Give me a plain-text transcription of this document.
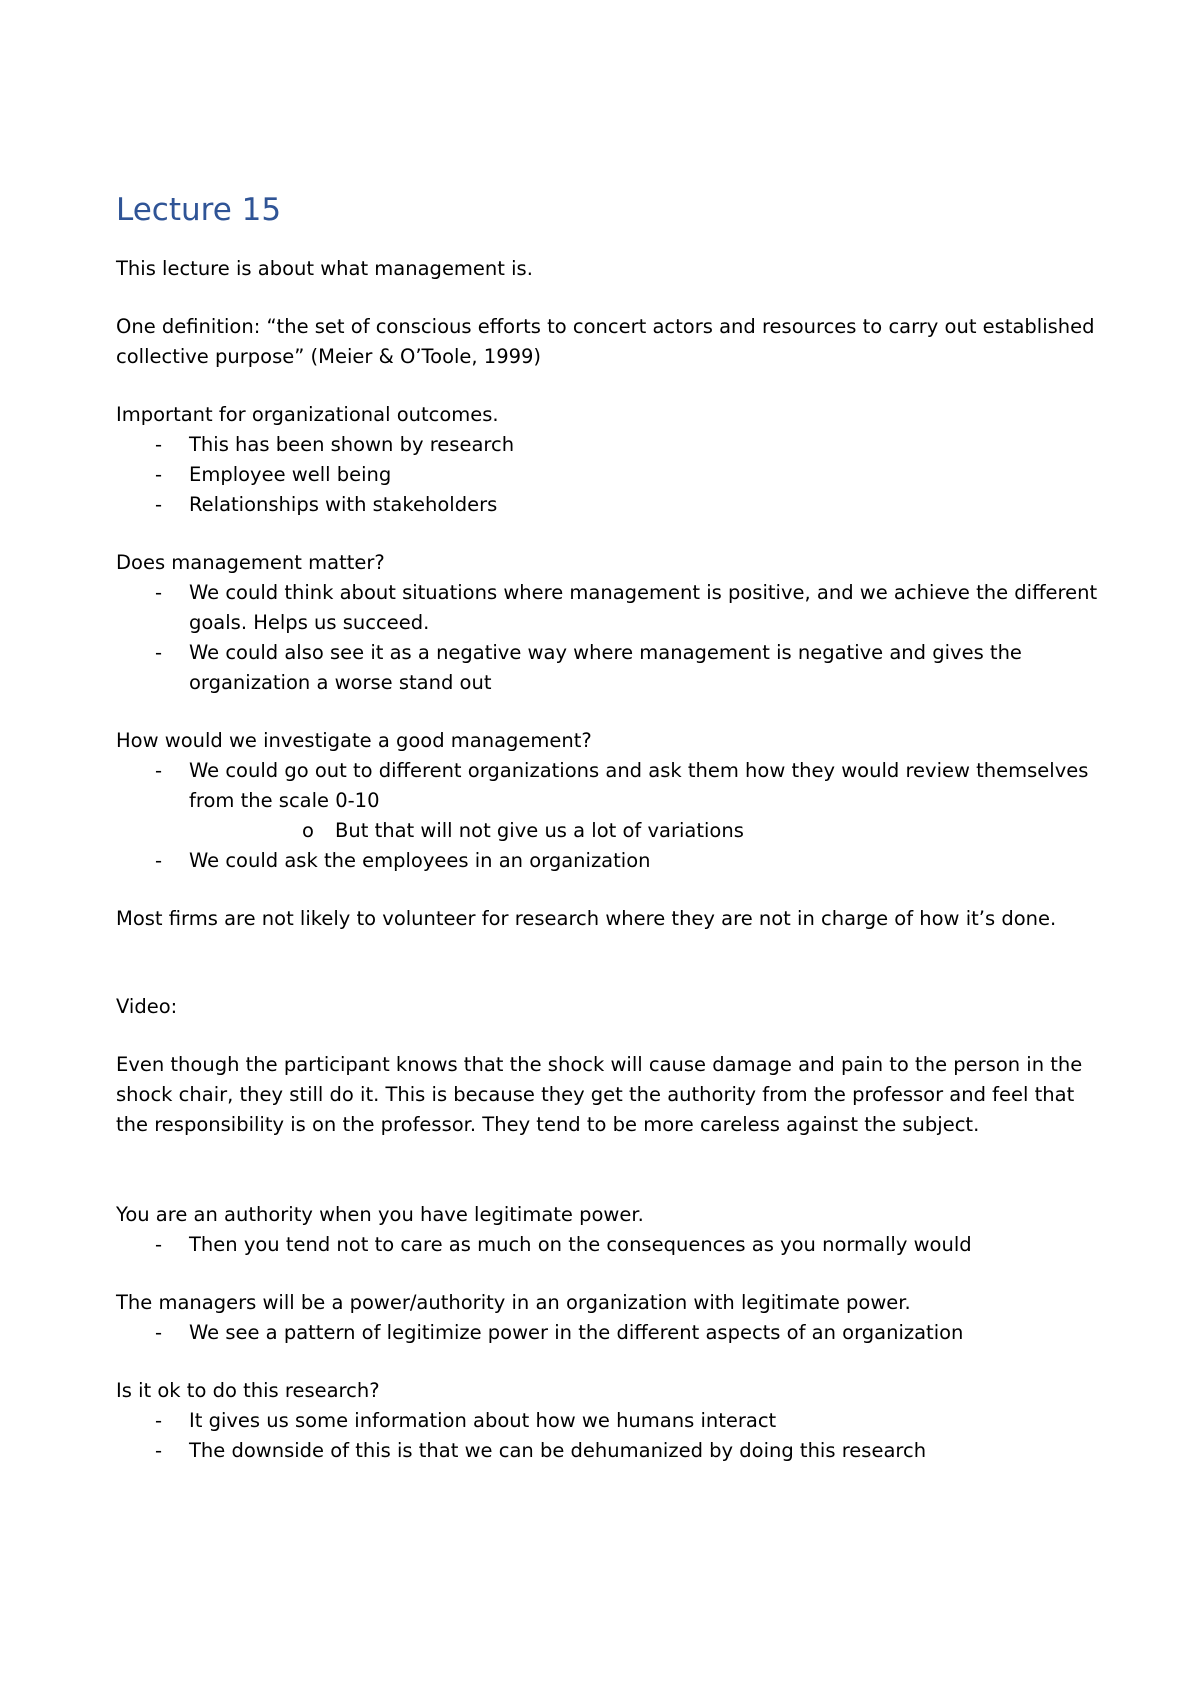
Lecture 15

This lecture is about what management is.

One definition: “the set of conscious efforts to concert actors and resources to carry out established collective purpose” (Meier & O’Toole, 1999)

Important for organizational outcomes.

- This has been shown by research
- Employee well being
- Relationships with stakeholders

Does management matter?

- We could think about situations where management is positive, and we achieve the different goals. Helps us succeed.
- We could also see it as a negative way where management is negative and gives the organization a worse stand out

How would we investigate a good management?

- We could go out to different organizations and ask them how they would review themselves from the scale 0-10
o But that will not give us a lot of variations
- We could ask the employees in an organization

Most firms are not likely to volunteer for research where they are not in charge of how it’s done.

Video:

Even though the participant knows that the shock will cause damage and pain to the person in the shock chair, they still do it. This is because they get the authority from the professor and feel that the responsibility is on the professor. They tend to be more careless against the subject.

You are an authority when you have legitimate power.

- Then you tend not to care as much on the consequences as you normally would

The managers will be a power/authority in an organization with legitimate power.

- We see a pattern of legitimize power in the different aspects of an organization

Is it ok to do this research?

- It gives us some information about how we humans interact
- The downside of this is that we can be dehumanized by doing this research
